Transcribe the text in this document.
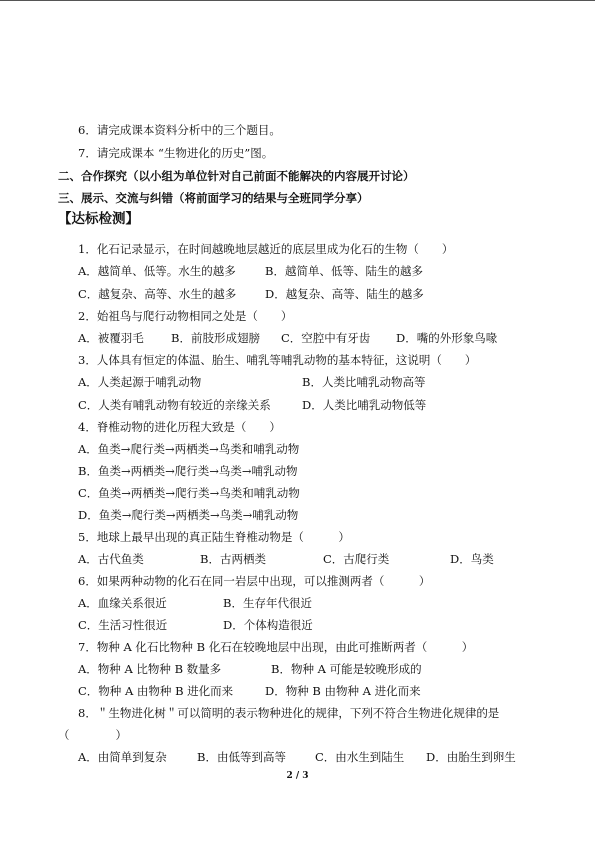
6．请完成课本资料分析中的三个题目。
7．请完成课本 “生物进化的历史”图。
二、合作探究（以小组为单位针对自己前面不能解决的内容展开讨论）
三、展示、交流与纠错（将前面学习的结果与全班同学分享）
【达标检测】
1．化石记录显示，在时间越晚地层越近的底层里成为化石的生物（　　）
A．越简单、低等。水生的越多	B．越简单、低等、陆生的越多
C．越复杂、高等、水生的越多 D．越复杂、高等、陆生的越多
2．始祖鸟与爬行动物相同之处是（　　）
A．被覆羽毛 B．前肢形成翅膀 C．空腔中有牙齿 D．嘴的外形象鸟喙
3．人体具有恒定的体温、胎生、哺乳等哺乳动物的基本特征，这说明（　　）
A．人类起源于哺乳动物	B．人类比哺乳动物高等
C．人类有哺乳动物有较近的亲缘关系	D．人类比哺乳动物低等
4．脊椎动物的进化历程大致是（　　）
A．鱼类→爬行类→两栖类→鸟类和哺乳动物
B．鱼类→两栖类→爬行类→鸟类→哺乳动物
C．鱼类→两栖类→爬行类→鸟类和哺乳动物
D．鱼类→爬行类→两栖类→鸟类→哺乳动物
5．地球上最早出现的真正陆生脊椎动物是（　　　）
A．古代鱼类	B．古两栖类	C．古爬行类	D．鸟类
6．如果两种动物的化石在同一岩层中出现，可以推测两者（　　　）
A．血缘关系很近	B．生存年代很近
C．生活习性很近	D．个体构造很近
7．物种 A 化石比物种 B 化石在较晚地层中出现，由此可推断两者（　　　）
A．物种 A 比物种 B 数量多	B．物种 A 可能是较晚形成的
C．物种 A 由物种 B 进化而来	D．物种 B 由物种 A 进化而来
8．＂生物进化树＂可以简明的表示物种进化的规律，下列不符合生物进化规律的是
（　　　　）
A．由简单到复杂	B．由低等到高等	C．由水生到陆生 D．由胎生到卵生
2 / 3
